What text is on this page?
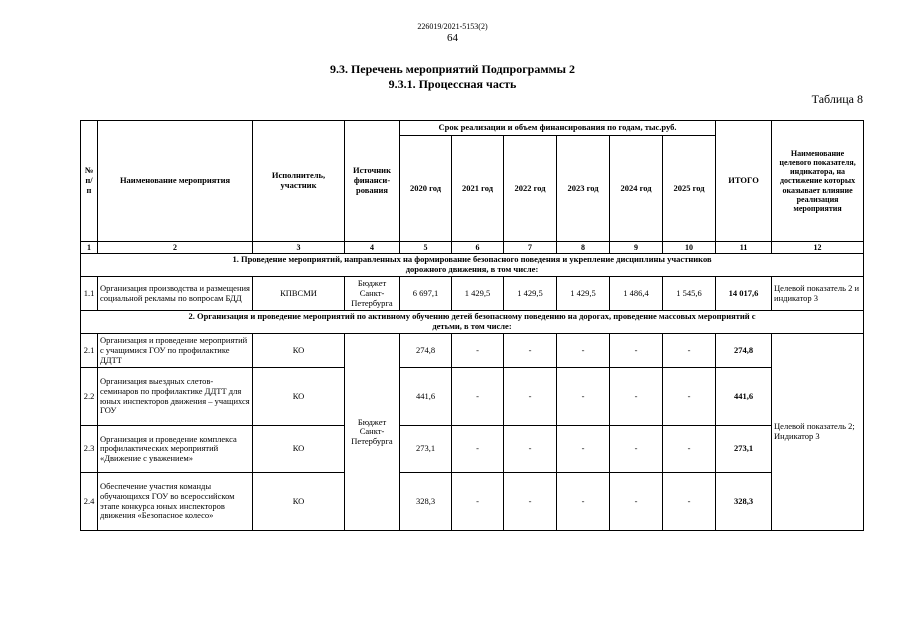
226019/2021-5153(2)
64
9.3. Перечень мероприятий Подпрограммы 2
9.3.1. Процессная часть
Таблица 8
№ п/п	Наименование мероприятия	Исполнитель, участник	Источник финанси-рования	Срок реализации и объем финансирования по годам, тыс.руб.						ИТОГО	Наименование целевого показателя, индикатора, на достижение которых оказывает влияние реализация мероприятия
				2020 год	2021 год	2022 год	2023 год	2024 год	2025 год		
1	2	3	4	5	6	7	8	9	10	11	12
1. Проведение мероприятий, направленных на формирование безопасного поведения и укрепление дисциплины участников дорожного движения, в том числе:											
1.1	Организация производства и размещения социальной рекламы по вопросам БДД	КПВСМИ	Бюджет Санкт-Петербурга	6 697,1	1 429,5	1 429,5	1 429,5	1 486,4	1 545,6	14 017,6	Целевой показатель 2 и индикатор 3
2. Организация и проведение мероприятий по активному обучению детей безопасному поведению на дорогах, проведение массовых мероприятий с детьми, в том числе:											
2.1	Организация и проведение мероприятий с учащимися ГОУ по профилактике ДДТТ	КО	Бюджет Санкт-Петербурга	274,8	-	-	-	-	-	274,8	Целевой показатель 2; Индикатор 3
2.2	Организация выездных слетов-семинаров по профилактике ДДТТ для юных инспекторов движения – учащихся ГОУ	КО		441,6	-	-	-	-	-	441,6	
2.3	Организация и проведение комплекса профилактических мероприятий «Движение с уважением»	КО		273,1	-	-	-	-	-	273,1	
2.4	Обеспечение участия команды обучающихся ГОУ во всероссийском этапе конкурса юных инспекторов движения «Безопасное колесо»	КО		328,3	-	-	-	-	-	328,3	
